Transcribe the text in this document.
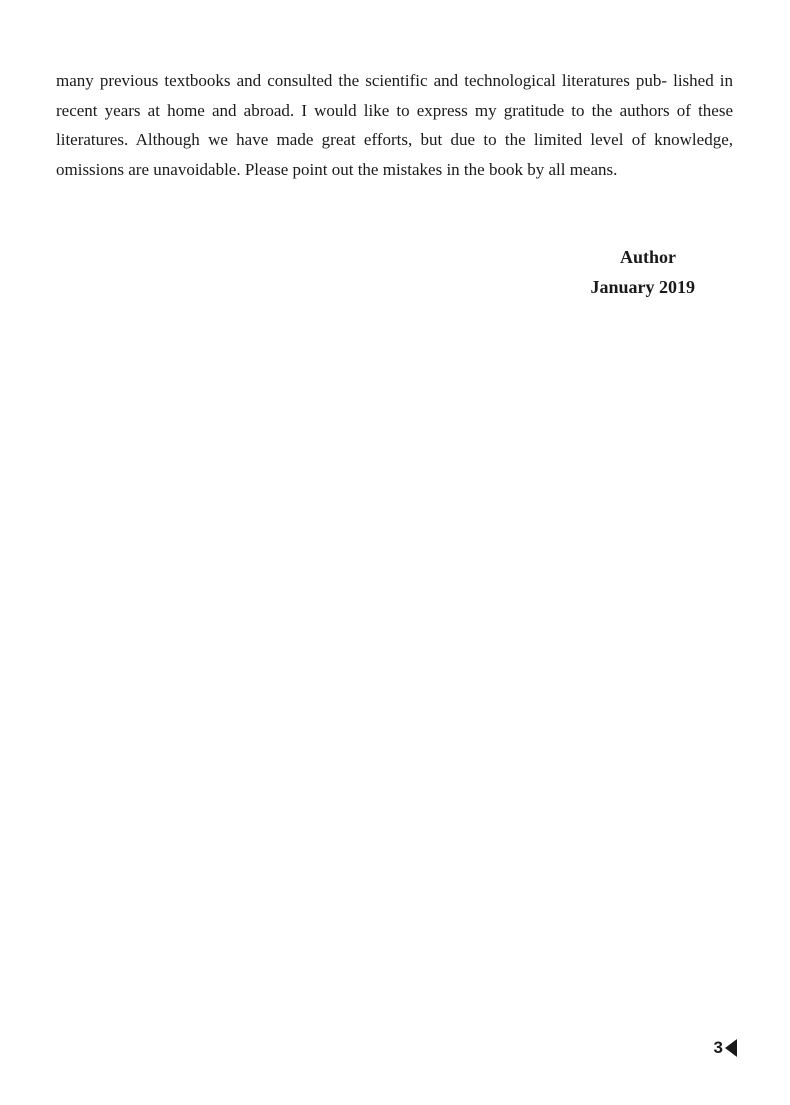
many previous textbooks and consulted the scientific and technological literatures pub- lished in recent years at home and abroad. I would like to express my gratitude to the authors of these literatures. Although we have made great efforts, but due to the limited level of knowledge, omissions are unavoidable. Please point out the mistakes in the book by all means.

Author
January 2019
3
